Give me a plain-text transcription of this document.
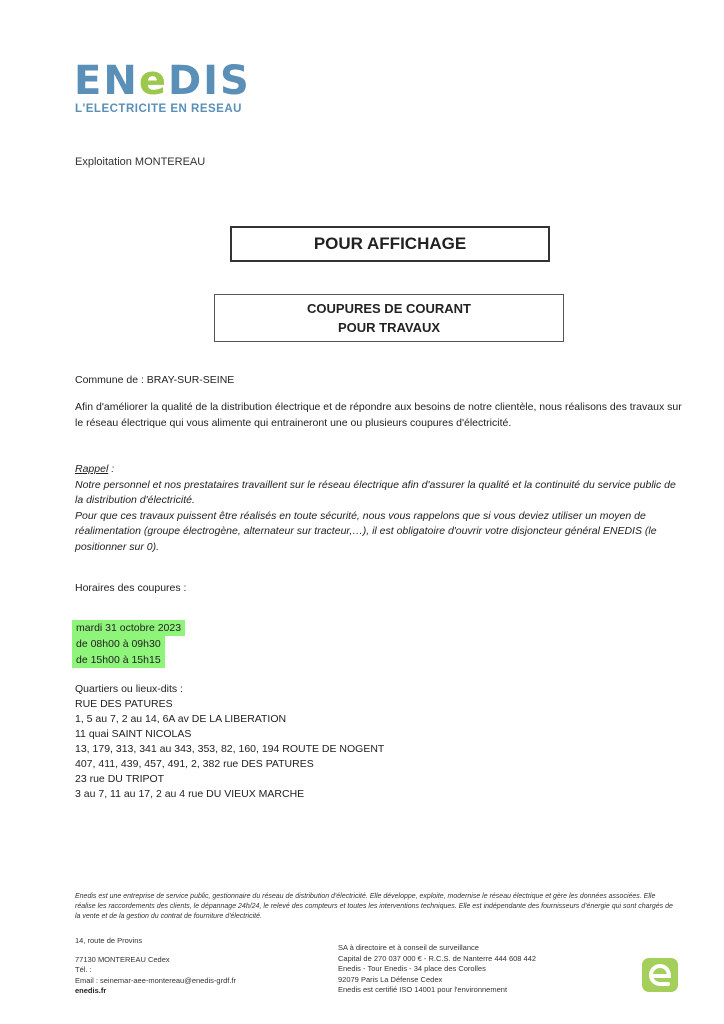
ENeDIS
L'ELECTRICITE EN RESEAU
Exploitation MONTEREAU
POUR AFFICHAGE
COUPURES DE COURANT
POUR TRAVAUX
Commune de : BRAY-SUR-SEINE
Afin d'améliorer la qualité de la distribution électrique et de répondre aux besoins de notre clientèle, nous réalisons des travaux sur le réseau électrique qui vous alimente qui entraineront une ou plusieurs coupures d'électricité.
Rappel :
Notre personnel et nos prestataires travaillent sur le réseau électrique afin d'assurer la qualité et la continuité du service public de la distribution d'électricité.
Pour que ces travaux puissent être réalisés en toute sécurité, nous vous rappelons que si vous deviez utiliser un moyen de réalimentation (groupe électrogène, alternateur sur tracteur,…), il est obligatoire d'ouvrir votre disjoncteur général ENEDIS (le positionner sur 0).
Horaires des coupures :
mardi 31 octobre 2023
de 08h00 à 09h30
de 15h00 à 15h15
Quartiers ou lieux-dits :
RUE DES PATURES
1, 5 au 7, 2 au 14, 6A av DE LA LIBERATION
11 quai SAINT NICOLAS
13, 179, 313, 341 au 343, 353, 82, 160, 194 ROUTE DE NOGENT
407, 411, 439, 457, 491, 2, 382 rue DES PATURES
23 rue DU TRIPOT
3 au 7, 11 au 17, 2 au 4 rue DU VIEUX MARCHE
Enedis est une entreprise de service public, gestionnaire du réseau de distribution d'électricité. Elle développe, exploite, modernise le réseau électrique et gère les données associées. Elle réalise les raccordements des clients, le dépannage 24h/24, le relevé des compteurs et toutes les interventions techniques. Elle est indépendante des fournisseurs d'énergie qui sont chargés de la vente et de la gestion du contrat de fourniture d'électricité.
14, route de Provins
77130 MONTEREAU Cedex
Tél. :
Email : seinemar-aee-montereau@enedis-grdf.fr
enedis.fr
SA à directoire et à conseil de surveillance
Capital de 270 037 000 € - R.C.S. de Nanterre 444 608 442
Enedis - Tour Enedis - 34 place des Corolles
92079 Paris La Défense Cedex
Enedis est certifié ISO 14001 pour l'environnement
